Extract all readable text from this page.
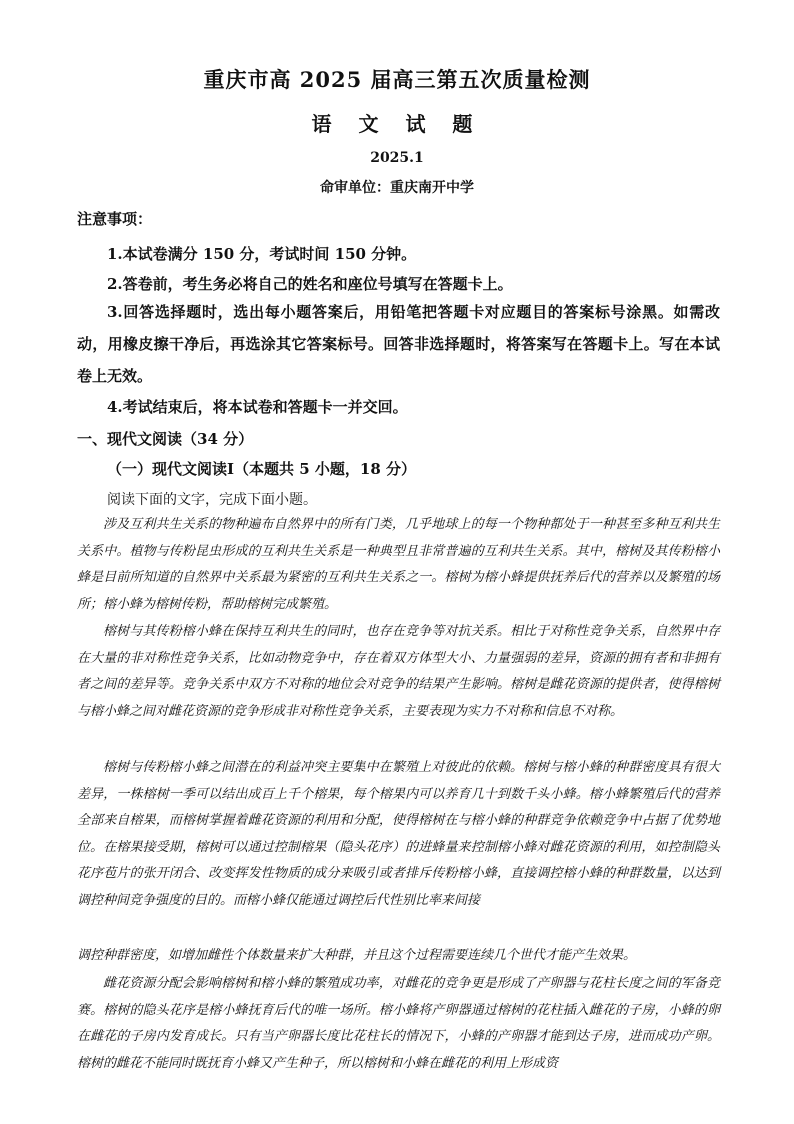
重庆市高 2025 届高三第五次质量检测
语 文 试 题
2025.1
命审单位：重庆南开中学
注意事项：
1.本试卷满分 150 分，考试时间 150 分钟。
2.答卷前，考生务必将自己的姓名和座位号填写在答题卡上。
3.回答选择题时，选出每小题答案后，用铅笔把答题卡对应题目的答案标号涂黑。如需改动，用橡皮擦干净后，再选涂其它答案标号。回答非选择题时，将答案写在答题卡上。写在本试卷上无效。
4.考试结束后，将本试卷和答题卡一并交回。
一、现代文阅读（34 分）
（一）现代文阅读Ⅰ（本题共 5 小题，18 分）
阅读下面的文字，完成下面小题。
涉及互利共生关系的物种遍布自然界中的所有门类，几乎地球上的每一个物种都处于一种甚至多种互利共生关系中。植物与传粉昆虫形成的互利共生关系是一种典型且非常普遍的互利共生关系。其中，榕树及其传粉榕小蜂是目前所知道的自然界中关系最为紧密的互利共生关系之一。榕树为榕小蜂提供抚养后代的营养以及繁殖的场所；榕小蜂为榕树传粉，帮助榕树完成繁殖。
榕树与其传粉榕小蜂在保持互利共生的同时，也存在竞争等对抗关系。相比于对称性竞争关系，自然界中存在大量的非对称性竞争关系，比如动物竞争中，存在着双方体型大小、力量强弱的差异，资源的拥有者和非拥有者之间的差异等。竞争关系中双方不对称的地位会对竞争的结果产生影响。榕树是雌花资源的提供者，使得榕树与榕小蜂之间对雌花资源的竞争形成非对称性竞争关系，主要表现为实力不对称和信息不对称。
榕树与传粉榕小蜂之间潜在的利益冲突主要集中在繁殖上对彼此的依赖。榕树与榕小蜂的种群密度具有很大差异，一株榕树一季可以结出成百上千个榕果，每个榕果内可以养育几十到数千头小蜂。榕小蜂繁殖后代的营养全部来自榕果，而榕树掌握着雌花资源的利用和分配，使得榕树在与榕小蜂的种群竞争依赖竞争中占据了优势地位。在榕果接受期，榕树可以通过控制榕果（隐头花序）的进蜂量来控制榕小蜂对雌花资源的利用，如控制隐头花序苞片的张开闭合、改变挥发性物质的成分来吸引或者排斥传粉榕小蜂，直接调控榕小蜂的种群数量，以达到调控种间竞争强度的目的。而榕小蜂仅能通过调控后代性别比率来间接
调控种群密度，如增加雌性个体数量来扩大种群，并且这个过程需要连续几个世代才能产生效果。
雌花资源分配会影响榕树和榕小蜂的繁殖成功率，对雌花的竞争更是形成了产卵器与花柱长度之间的军备竞赛。榕树的隐头花序是榕小蜂抚育后代的唯一场所。榕小蜂将产卵器通过榕树的花柱插入雌花的子房，小蜂的卵在雌花的子房内发育成长。只有当产卵器长度比花柱长的情况下，小蜂的产卵器才能到达子房，进而成功产卵。榕树的雌花不能同时既抚育小蜂又产生种子，所以榕树和小蜂在雌花的利用上形成资
